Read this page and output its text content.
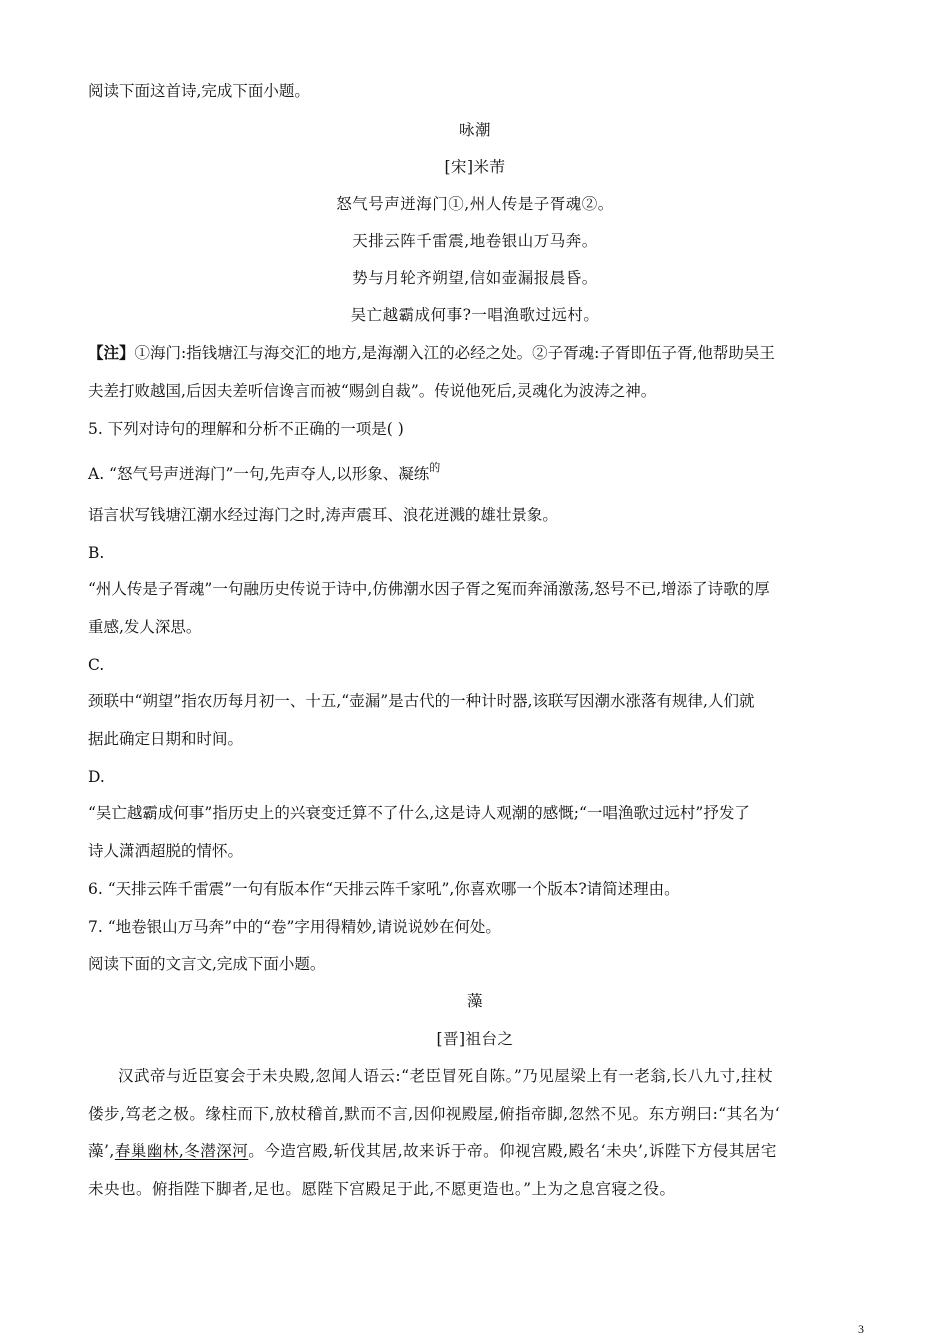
阅读下面这首诗,完成下面小题。
咏潮
[宋]米芾
怒气号声迸海门①,州人传是子胥魂②。
天排云阵千雷震,地卷银山万马奔。
势与月轮齐朔望,信如壶漏报晨昏。
吴亡越霸成何事?一唱渔歌过远村。
【注】①海门:指钱塘江与海交汇的地方,是海潮入江的必经之处。②子胥魂:子胥即伍子胥,他帮助吴王
夫差打败越国,后因夫差听信谗言而被“赐剑自裁”。传说他死后,灵魂化为波涛之神。
5. 下列对诗句的理解和分析不正确的一项是( )
A. “怒气号声迸海门”一句,先声夺人,以形象、凝练$^的$
语言状写钱塘江潮水经过海门之时,涛声震耳、浪花迸溅的雄壮景象。
B.
“州人传是子胥魂”一句融历史传说于诗中,仿佛潮水因子胥之冤而奔涌激荡,怒号不已,增添了诗歌的厚
重感,发人深思。
C.
颈联中“朔望”指农历每月初一、十五,“壶漏”是古代的一种计时器,该联写因潮水涨落有规律,人们就
据此确定日期和时间。
D.
“吴亡越霸成何事”指历史上的兴衰变迁算不了什么,这是诗人观潮的感慨;“一唱渔歌过远村”抒发了
诗人潇洒超脱的情怀。
6. “天排云阵千雷震”一句有版本作“天排云阵千家吼”,你喜欢哪一个版本?请简述理由。
7. “地卷银山万马奔”中的“卷”字用得精妙,请说说妙在何处。
阅读下面的文言文,完成下面小题。
藻
[晋]祖台之
汉武帝与近臣宴会于未央殿,忽闻人语云:“老臣冒死自陈。”乃见屋梁上有一老翁,长八九寸,拄杖
偻步,笃老之极。缘柱而下,放杖稽首,默而不言,因仰视殿屋,俯指帝脚,忽然不见。东方朔曰:“其名为‘
藻’,春巢幽林,冬潜深河。今造宫殿,斩伐其居,故来诉于帝。仰视宫殿,殿名‘未央’,诉陛下方侵其居宅
未央也。俯指陛下脚者,足也。愿陛下宫殿足于此,不愿更造也。”上为之息宫寝之役。
3
